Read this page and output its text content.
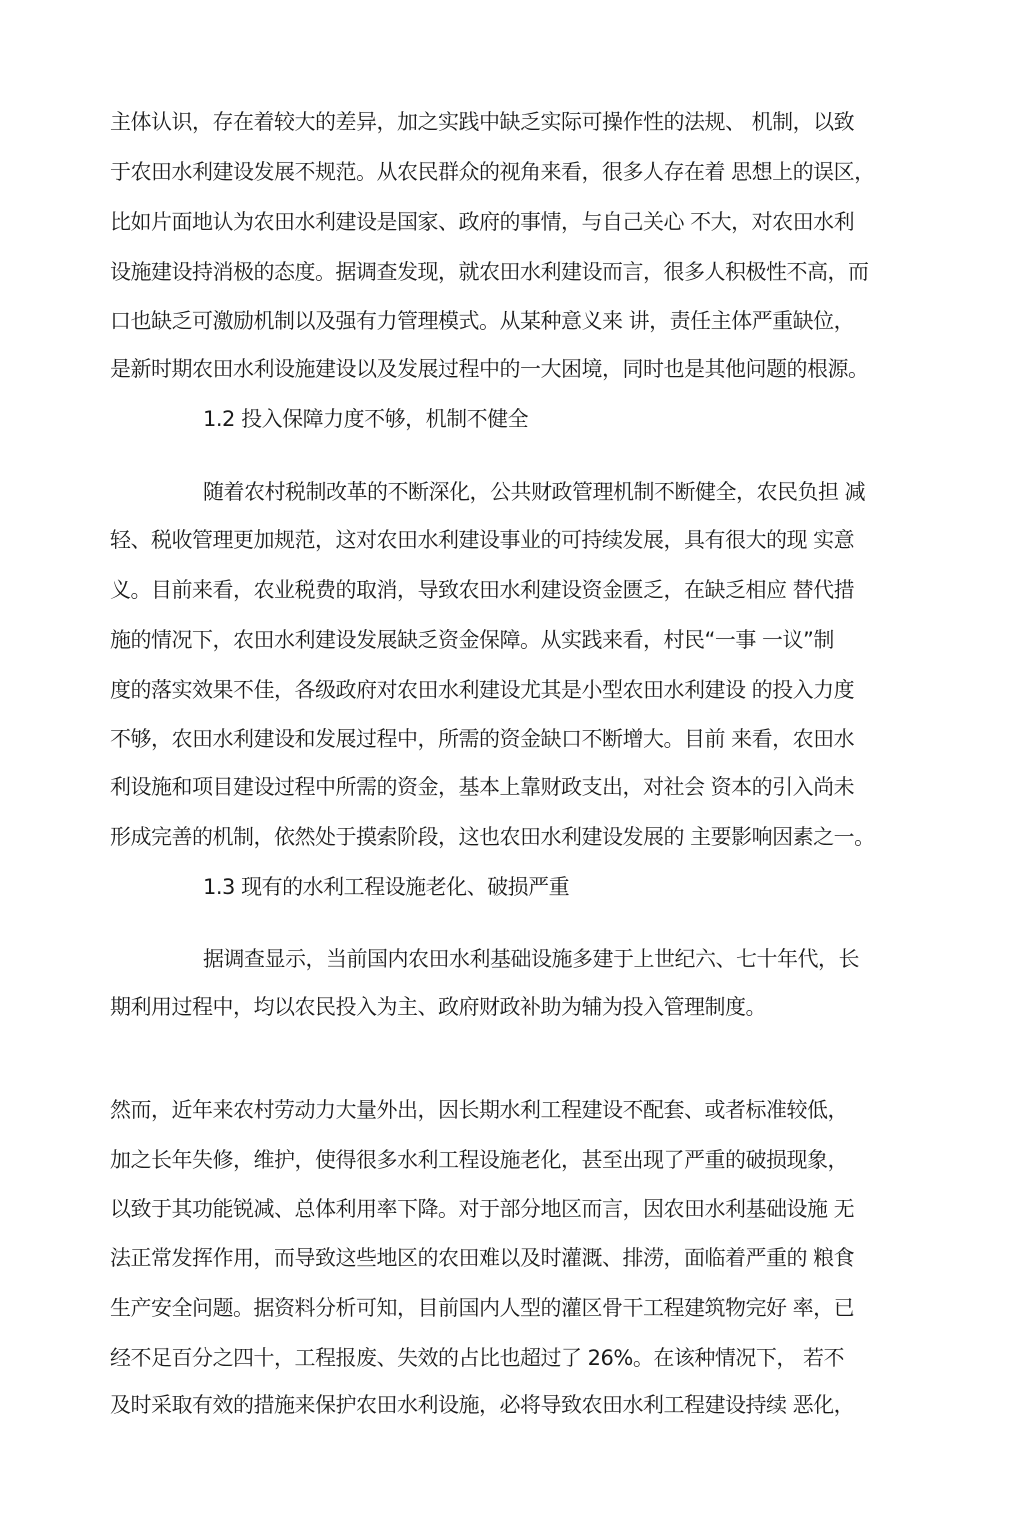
主体认识，存在着较大的差异，加之实践中缺乏实际可操作性的法规、 机制，以致
于农田水利建设发展不规范。从农民群众的视角来看，很多人存在着 思想上的误区，
比如片面地认为农田水利建设是国家、政府的事情，与自己关心 不大，对农田水利
设施建设持消极的态度。据调查发现，就农田水利建设而言，很多人积极性不高，而
口也缺乏可激励机制以及强有力管理模式。从某种意义来 讲，责任主体严重缺位，
是新时期农田水利设施建设以及发展过程中的一大困境，同时也是其他问题的根源。
1.2 投入保障力度不够，机制不健全
随着农村税制改革的不断深化，公共财政管理机制不断健全，农民负担 减
轻、税收管理更加规范，这对农田水利建设事业的可持续发展，具有很大的现 实意
义。目前来看，农业税费的取消，导致农田水利建设资金匮乏，在缺乏相应 替代措
施的情况下，农田水利建设发展缺乏资金保障。从实践来看，村民“一事 一议”制
度的落实效果不佳，各级政府对农田水利建设尤其是小型农田水利建设 的投入力度
不够，农田水利建设和发展过程中，所需的资金缺口不断增大。目前 来看，农田水
利设施和项目建设过程中所需的资金，基本上靠财政支出，对社会 资本的引入尚未
形成完善的机制，依然处于摸索阶段，这也农田水利建设发展的 主要影响因素之一。
1.3 现有的水利工程设施老化、破损严重
据调查显示，当前国内农田水利基础设施多建于上世纪六、七十年代，长
期利用过程中，均以农民投入为主、政府财政补助为辅为投入管理制度。
然而，近年来农村劳动力大量外出，因长期水利工程建设不配套、或者标准较低，
加之长年失修，维护，使得很多水利工程设施老化，甚至出现了严重的破损现象，
以致于其功能锐减、总体利用率下降。对于部分地区而言，因农田水利基础设施 无
法正常发挥作用，而导致这些地区的农田难以及时灌溉、排涝，面临着严重的 粮食
生产安全问题。据资料分析可知，目前国内人型的灌区骨干工程建筑物完好 率，已
经不足百分之四十，工程报废、失效的占比也超过了 26%。在该种情况下， 若不
及时采取有效的措施来保护农田水利设施，必将导致农田水利工程建设持续 恶化，
